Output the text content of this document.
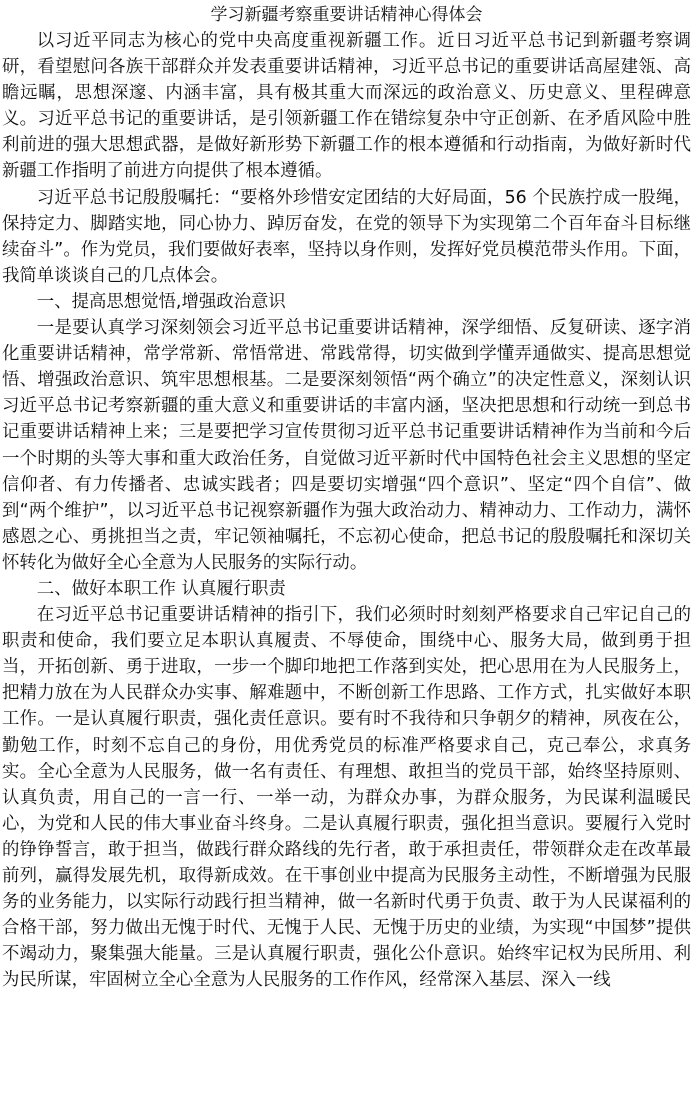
学习新疆考察重要讲话精神心得体会

以习近平同志为核心的党中央高度重视新疆工作。近日习近平总书记到新疆考察调研，看望慰问各族干部群众并发表重要讲话精神，习近平总书记的重要讲话高屋建瓴、高瞻远瞩，思想深邃、内涵丰富，具有极其重大而深远的政治意义、历史意义、里程碑意义。习近平总书记的重要讲话，是引领新疆工作在错综复杂中守正创新、在矛盾风险中胜利前进的强大思想武器，是做好新形势下新疆工作的根本遵循和行动指南，为做好新时代新疆工作指明了前进方向提供了根本遵循。

习近平总书记殷殷嘱托：“要格外珍惜安定团结的大好局面，56 个民族拧成一股绳，保持定力、脚踏实地，同心协力、踔厉奋发，在党的领导下为实现第二个百年奋斗目标继续奋斗”。作为党员，我们要做好表率，坚持以身作则，发挥好党员模范带头作用。下面，我简单谈谈自己的几点体会。

一、提高思想觉悟,增强政治意识

一是要认真学习深刻领会习近平总书记重要讲话精神，深学细悟、反复研读、逐字消化重要讲话精神，常学常新、常悟常进、常践常得，切实做到学懂弄通做实、提高思想觉悟、增强政治意识、筑牢思想根基。二是要深刻领悟“两个确立”的决定性意义，深刻认识习近平总书记考察新疆的重大意义和重要讲话的丰富内涵，坚决把思想和行动统一到总书记重要讲话精神上来；三是要把学习宣传贯彻习近平总书记重要讲话精神作为当前和今后一个时期的头等大事和重大政治任务，自觉做习近平新时代中国特色社会主义思想的坚定信仰者、有力传播者、忠诚实践者；四是要切实增强“四个意识”、坚定“四个自信”、做到“两个维护”，以习近平总书记视察新疆作为强大政治动力、精神动力、工作动力，满怀感恩之心、勇挑担当之责，牢记领袖嘱托，不忘初心使命，把总书记的殷殷嘱托和深切关怀转化为做好全心全意为人民服务的实际行动。

二、做好本职工作 认真履行职责

在习近平总书记重要讲话精神的指引下，我们必须时时刻刻严格要求自己牢记自己的职责和使命，我们要立足本职认真履责、不辱使命，围绕中心、服务大局，做到勇于担当，开拓创新、勇于进取，一步一个脚印地把工作落到实处，把心思用在为人民服务上，把精力放在为人民群众办实事、解难题中，不断创新工作思路、工作方式，扎实做好本职工作。一是认真履行职责，强化责任意识。要有时不我待和只争朝夕的精神，夙夜在公，勤勉工作，时刻不忘自己的身份，用优秀党员的标准严格要求自己，克己奉公，求真务实。全心全意为人民服务，做一名有责任、有理想、敢担当的党员干部，始终坚持原则、认真负责，用自己的一言一行、一举一动，为群众办事，为群众服务，为民谋利温暖民心，为党和人民的伟大事业奋斗终身。二是认真履行职责，强化担当意识。要履行入党时的铮铮誓言，敢于担当，做践行群众路线的先行者，敢于承担责任，带领群众走在改革最前列，赢得发展先机，取得新成效。在干事创业中提高为民服务主动性，不断增强为民服务的业务能力，以实际行动践行担当精神，做一名新时代勇于负责、敢于为人民谋福利的合格干部，努力做出无愧于时代、无愧于人民、无愧于历史的业绩，为实现“中国梦”提供不竭动力，聚集强大能量。三是认真履行职责，强化公仆意识。始终牢记权为民所用、利为民所谋，牢固树立全心全意为人民服务的工作作风，经常深入基层、深入一线
